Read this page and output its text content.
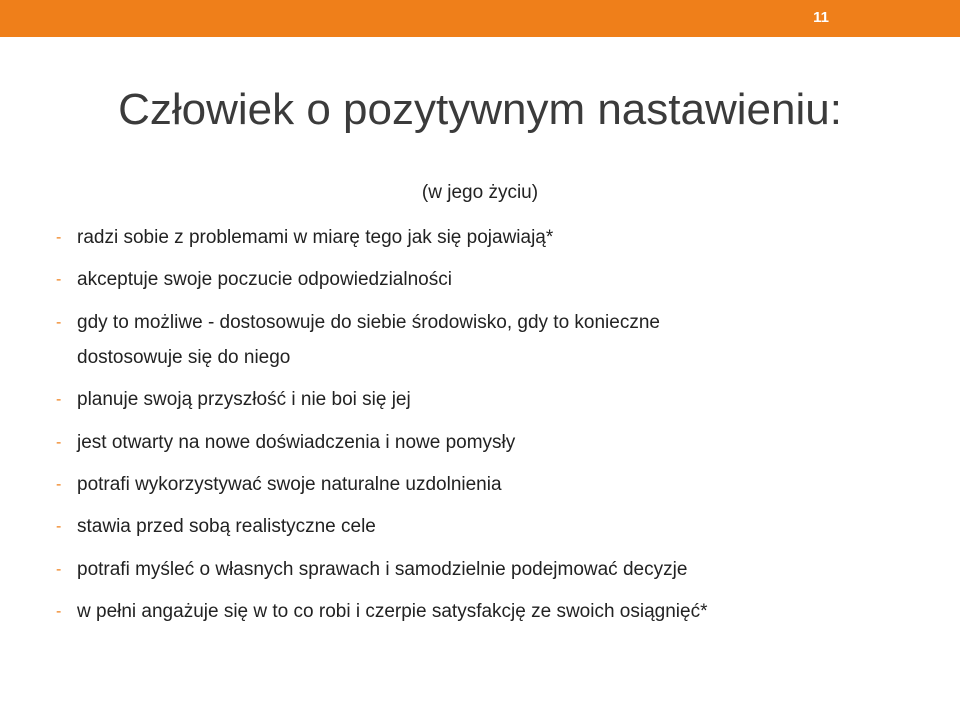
11
Człowiek o pozytywnym nastawieniu:
(w jego życiu)
- radzi sobie z problemami w miarę tego jak się pojawiają*
- akceptuje swoje poczucie odpowiedzialności
- gdy to możliwe - dostosowuje do siebie środowisko, gdy to konieczne
dostosowuje się do niego
- planuje swoją przyszłość i nie boi się jej
- jest otwarty na nowe doświadczenia i nowe pomysły
- potrafi wykorzystywać swoje naturalne uzdolnienia
- stawia przed sobą realistyczne cele
- potrafi myśleć o własnych sprawach i samodzielnie podejmować decyzje
- w pełni angażuje się w to co robi i czerpie satysfakcję ze swoich osiągnięć*
